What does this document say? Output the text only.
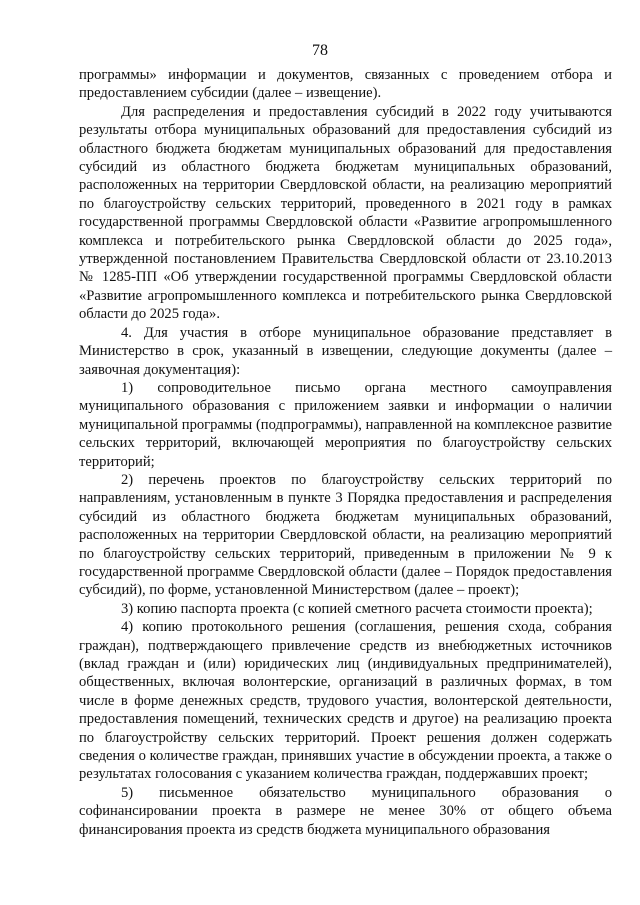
78

программы» информации и документов, связанных с проведением отбора и предоставлением субсидии (далее – извещение).

Для распределения и предоставления субсидий в 2022 году учитываются результаты отбора муниципальных образований для предоставления субсидий из областного бюджета бюджетам муниципальных образований для предоставления субсидий из областного бюджета бюджетам муниципальных образований, расположенных на территории Свердловской области, на реализацию мероприятий по благоустройству сельских территорий, проведенного в 2021 году в рамках государственной программы Свердловской области «Развитие агропромышленного комплекса и потребительского рынка Свердловской области до 2025 года», утвержденной постановлением Правительства Свердловской области от 23.10.2013 № 1285-ПП «Об утверждении государственной программы Свердловской области «Развитие агропромышленного комплекса и потребительского рынка Свердловской области до 2025 года».

4. Для участия в отборе муниципальное образование представляет в Министерство в срок, указанный в извещении, следующие документы (далее – заявочная документация):

1) сопроводительное письмо органа местного самоуправления муниципального образования с приложением заявки и информации о наличии муниципальной программы (подпрограммы), направленной на комплексное развитие сельских территорий, включающей мероприятия по благоустройству сельских территорий;

2) перечень проектов по благоустройству сельских территорий по направлениям, установленным в пункте 3 Порядка предоставления и распределения субсидий из областного бюджета бюджетам муниципальных образований, расположенных на территории Свердловской области, на реализацию мероприятий по благоустройству сельских территорий, приведенным в приложении № 9 к государственной программе Свердловской области (далее – Порядок предоставления субсидий), по форме, установленной Министерством (далее – проект);

3) копию паспорта проекта (с копией сметного расчета стоимости проекта);

4) копию протокольного решения (соглашения, решения схода, собрания граждан), подтверждающего привлечение средств из внебюджетных источников (вклад граждан и (или) юридических лиц (индивидуальных предпринимателей), общественных, включая волонтерские, организаций в различных формах, в том числе в форме денежных средств, трудового участия, волонтерской деятельности, предоставления помещений, технических средств и другое) на реализацию проекта по благоустройству сельских территорий. Проект решения должен содержать сведения о количестве граждан, принявших участие в обсуждении проекта, а также о результатах голосования с указанием количества граждан, поддержавших проект;

5) письменное обязательство муниципального образования о софинансировании проекта в размере не менее 30% от общего объема финансирования проекта из средств бюджета муниципального образования
